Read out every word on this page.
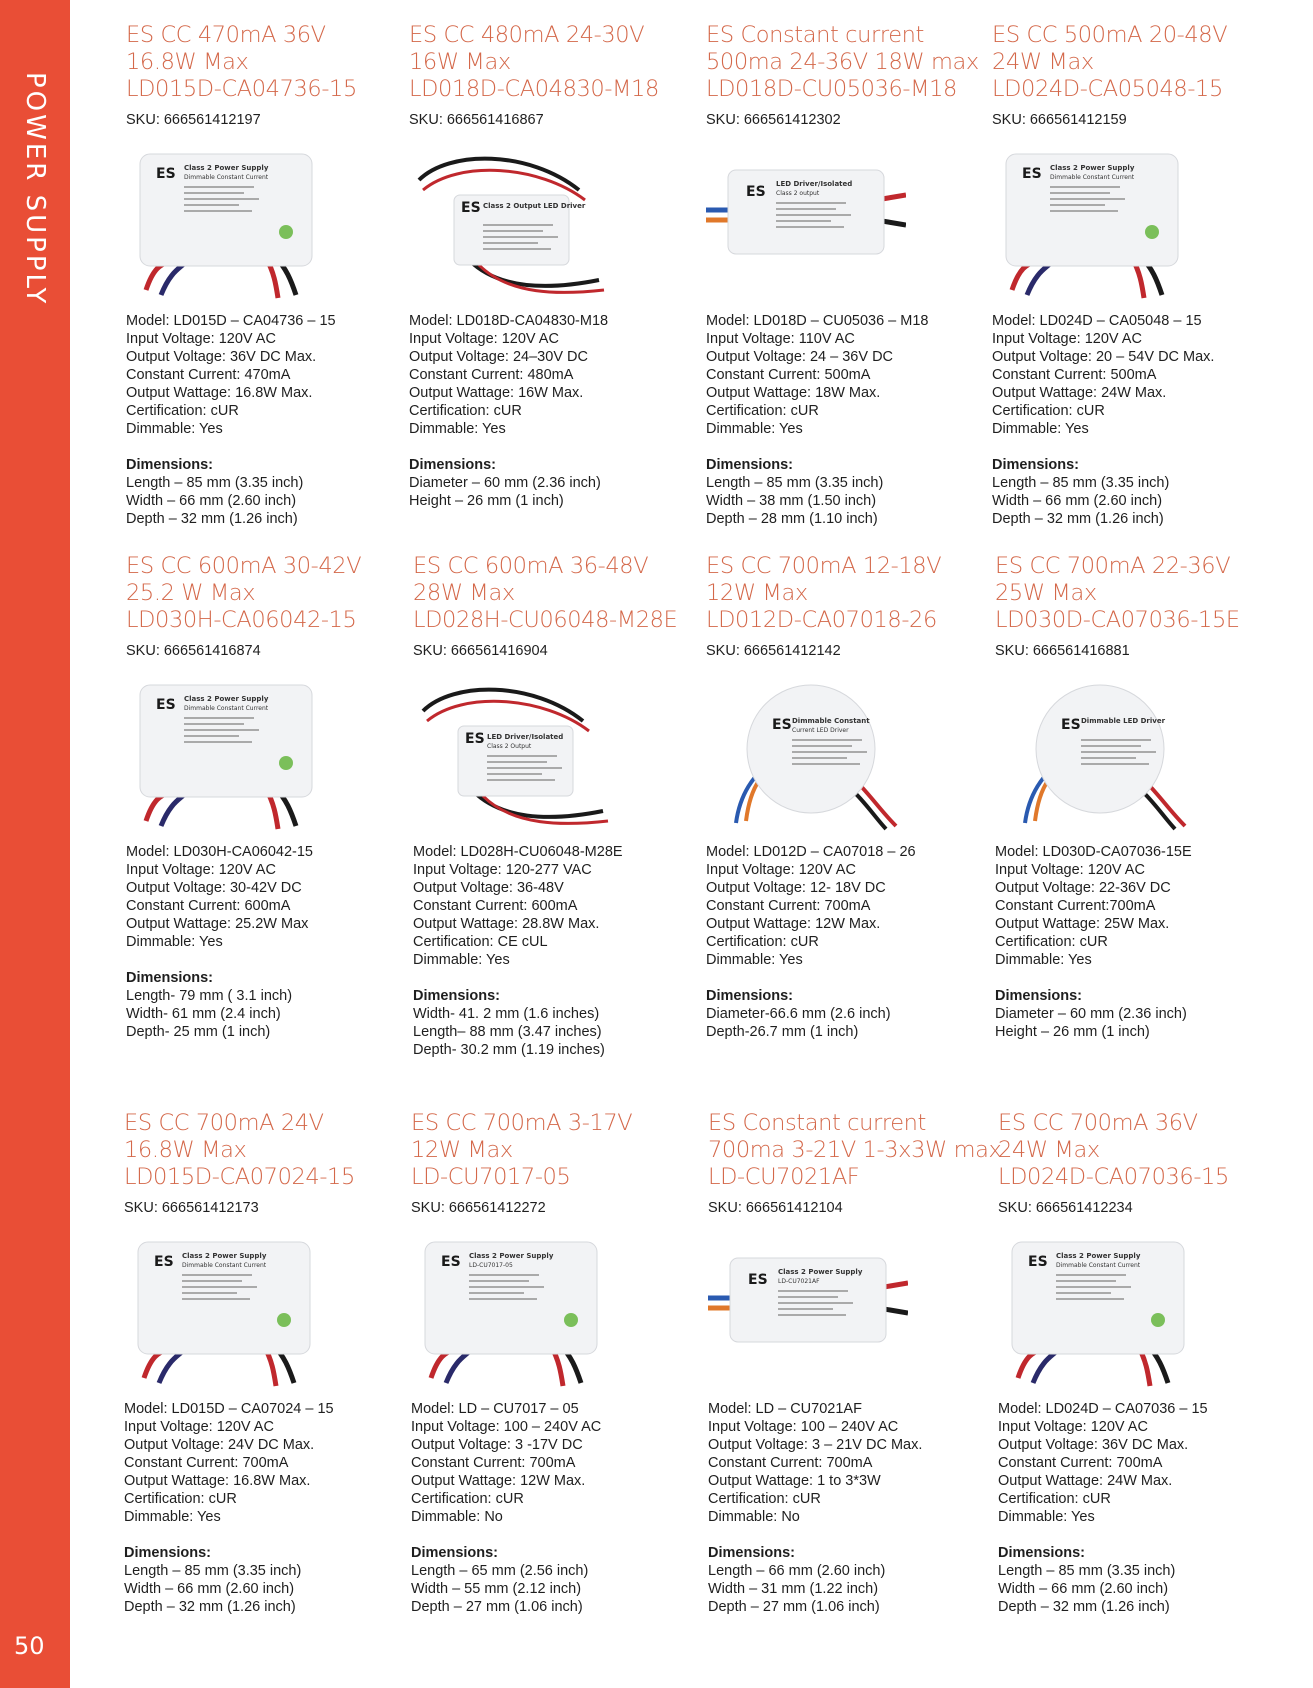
POWER SUPPLY
50
ES CC 470mA 36V
16.8W Max
LD015D-CA04736-15
SKU: 666561412197
ES Class 2 Power Supply
Dimmable Constant Current
Model: LD015D – CA04736 – 15
Input Voltage: 120V AC
Output Voltage: 36V DC Max.
Constant Current: 470mA
Output Wattage: 16.8W Max.
Certification: cUR
Dimmable: Yes
Dimensions:
Length – 85 mm (3.35 inch)
Width – 66 mm (2.60 inch)
Depth – 32 mm (1.26 inch)
ES CC 480mA 24-30V
16W Max
LD018D-CA04830-M18
SKU: 666561416867
ES Class 2 Output LED Driver
Model: LD018D-CA04830-M18
Input Voltage: 120V AC
Output Voltage: 24–30V DC
Constant Current: 480mA
Output Wattage: 16W Max.
Certification: cUR
Dimmable: Yes
Dimensions:
Diameter – 60 mm (2.36 inch)
Height – 26 mm (1 inch)
ES Constant current
500ma 24-36V 18W max
LD018D-CU05036-M18
SKU: 666561412302
ES LED Driver/Isolated
Class 2 output
Model: LD018D – CU05036 – M18
Input Voltage: 110V AC
Output Voltage: 24 – 36V DC
Constant Current: 500mA
Output Wattage: 18W Max.
Certification: cUR
Dimmable: Yes
Dimensions:
Length – 85 mm (3.35 inch)
Width – 38 mm (1.50 inch)
Depth – 28 mm (1.10 inch)
ES CC 500mA 20-48V
24W Max
LD024D-CA05048-15
SKU: 666561412159
ES Class 2 Power Supply
Dimmable Constant Current
Model: LD024D – CA05048 – 15
Input Voltage: 120V AC
Output Voltage: 20 – 54V DC Max.
Constant Current: 500mA
Output Wattage: 24W Max.
Certification: cUR
Dimmable: Yes
Dimensions:
Length – 85 mm (3.35 inch)
Width – 66 mm (2.60 inch)
Depth – 32 mm (1.26 inch)
ES CC 600mA 30-42V
25.2 W Max
LD030H-CA06042-15
SKU: 666561416874
ES Class 2 Power Supply
Dimmable Constant Current
Model: LD030H-CA06042-15
Input Voltage: 120V AC
Output Voltage: 30-42V DC
Constant Current: 600mA
Output Wattage: 25.2W Max
Dimmable: Yes
Dimensions:
Length- 79 mm ( 3.1 inch)
Width- 61 mm (2.4 inch)
Depth- 25 mm (1 inch)
ES CC 600mA 36-48V
28W Max
LD028H-CU06048-M28E
SKU: 666561416904
ES LED Driver/Isolated
Class 2 Output
Model: LD028H-CU06048-M28E
Input Voltage: 120-277 VAC
Output Voltage: 36-48V
Constant Current: 600mA
Output Wattage: 28.8W Max.
Certification: CE cUL
Dimmable: Yes
Dimensions:
Width- 41. 2 mm (1.6 inches)
Length– 88 mm (3.47 inches)
Depth- 30.2 mm (1.19 inches)
ES CC 700mA 12-18V
12W Max
LD012D-CA07018-26
SKU: 666561412142
ES Dimmable Constant
Current LED Driver
Model: LD012D – CA07018 – 26
Input Voltage: 120V AC
Output Voltage: 12- 18V DC
Constant Current: 700mA
Output Wattage: 12W Max.
Certification: cUR
Dimmable: Yes
Dimensions:
Diameter-66.6 mm (2.6 inch)
Depth-26.7 mm (1 inch)
ES CC 700mA 22-36V
25W Max
LD030D-CA07036-15E
SKU: 666561416881
ES Dimmable LED Driver
Model: LD030D-CA07036-15E
Input Voltage: 120V AC
Output Voltage: 22-36V DC
Constant Current:700mA
Output Wattage: 25W Max.
Certification: cUR
Dimmable: Yes
Dimensions:
Diameter – 60 mm (2.36 inch)
Height – 26 mm (1 inch)
ES CC 700mA 24V
16.8W Max
LD015D-CA07024-15
SKU: 666561412173
ES Class 2 Power Supply
Dimmable Constant Current
Model: LD015D – CA07024 – 15
Input Voltage: 120V AC
Output Voltage: 24V DC Max.
Constant Current: 700mA
Output Wattage: 16.8W Max.
Certification: cUR
Dimmable: Yes
Dimensions:
Length – 85 mm (3.35 inch)
Width – 66 mm (2.60 inch)
Depth – 32 mm (1.26 inch)
ES CC 700mA 3-17V
12W Max
LD-CU7017-05
SKU: 666561412272
ES Class 2 Power Supply
LD-CU7017-05
Model: LD – CU7017 – 05
Input Voltage: 100 – 240V AC
Output Voltage: 3 -17V DC
Constant Current: 700mA
Output Wattage: 12W Max.
Certification: cUR
Dimmable: No
Dimensions:
Length – 65 mm (2.56 inch)
Width – 55 mm (2.12 inch)
Depth – 27 mm (1.06 inch)
ES Constant current
700ma 3-21V 1-3x3W max
LD-CU7021AF
SKU: 666561412104
ES Class 2 Power Supply
LD-CU7021AF
Model: LD – CU7021AF
Input Voltage: 100 – 240V AC
Output Voltage: 3 – 21V DC Max.
Constant Current: 700mA
Output Wattage: 1 to 3*3W
Certification: cUR
Dimmable: No
Dimensions:
Length – 66 mm (2.60 inch)
Width – 31 mm (1.22 inch)
Depth – 27 mm (1.06 inch)
ES CC 700mA 36V
24W Max
LD024D-CA07036-15
SKU: 666561412234
ES Class 2 Power Supply
Dimmable Constant Current
Model: LD024D – CA07036 – 15
Input Voltage: 120V AC
Output Voltage: 36V DC Max.
Constant Current: 700mA
Output Wattage: 24W Max.
Certification: cUR
Dimmable: Yes
Dimensions:
Length – 85 mm (3.35 inch)
Width – 66 mm (2.60 inch)
Depth – 32 mm (1.26 inch)
